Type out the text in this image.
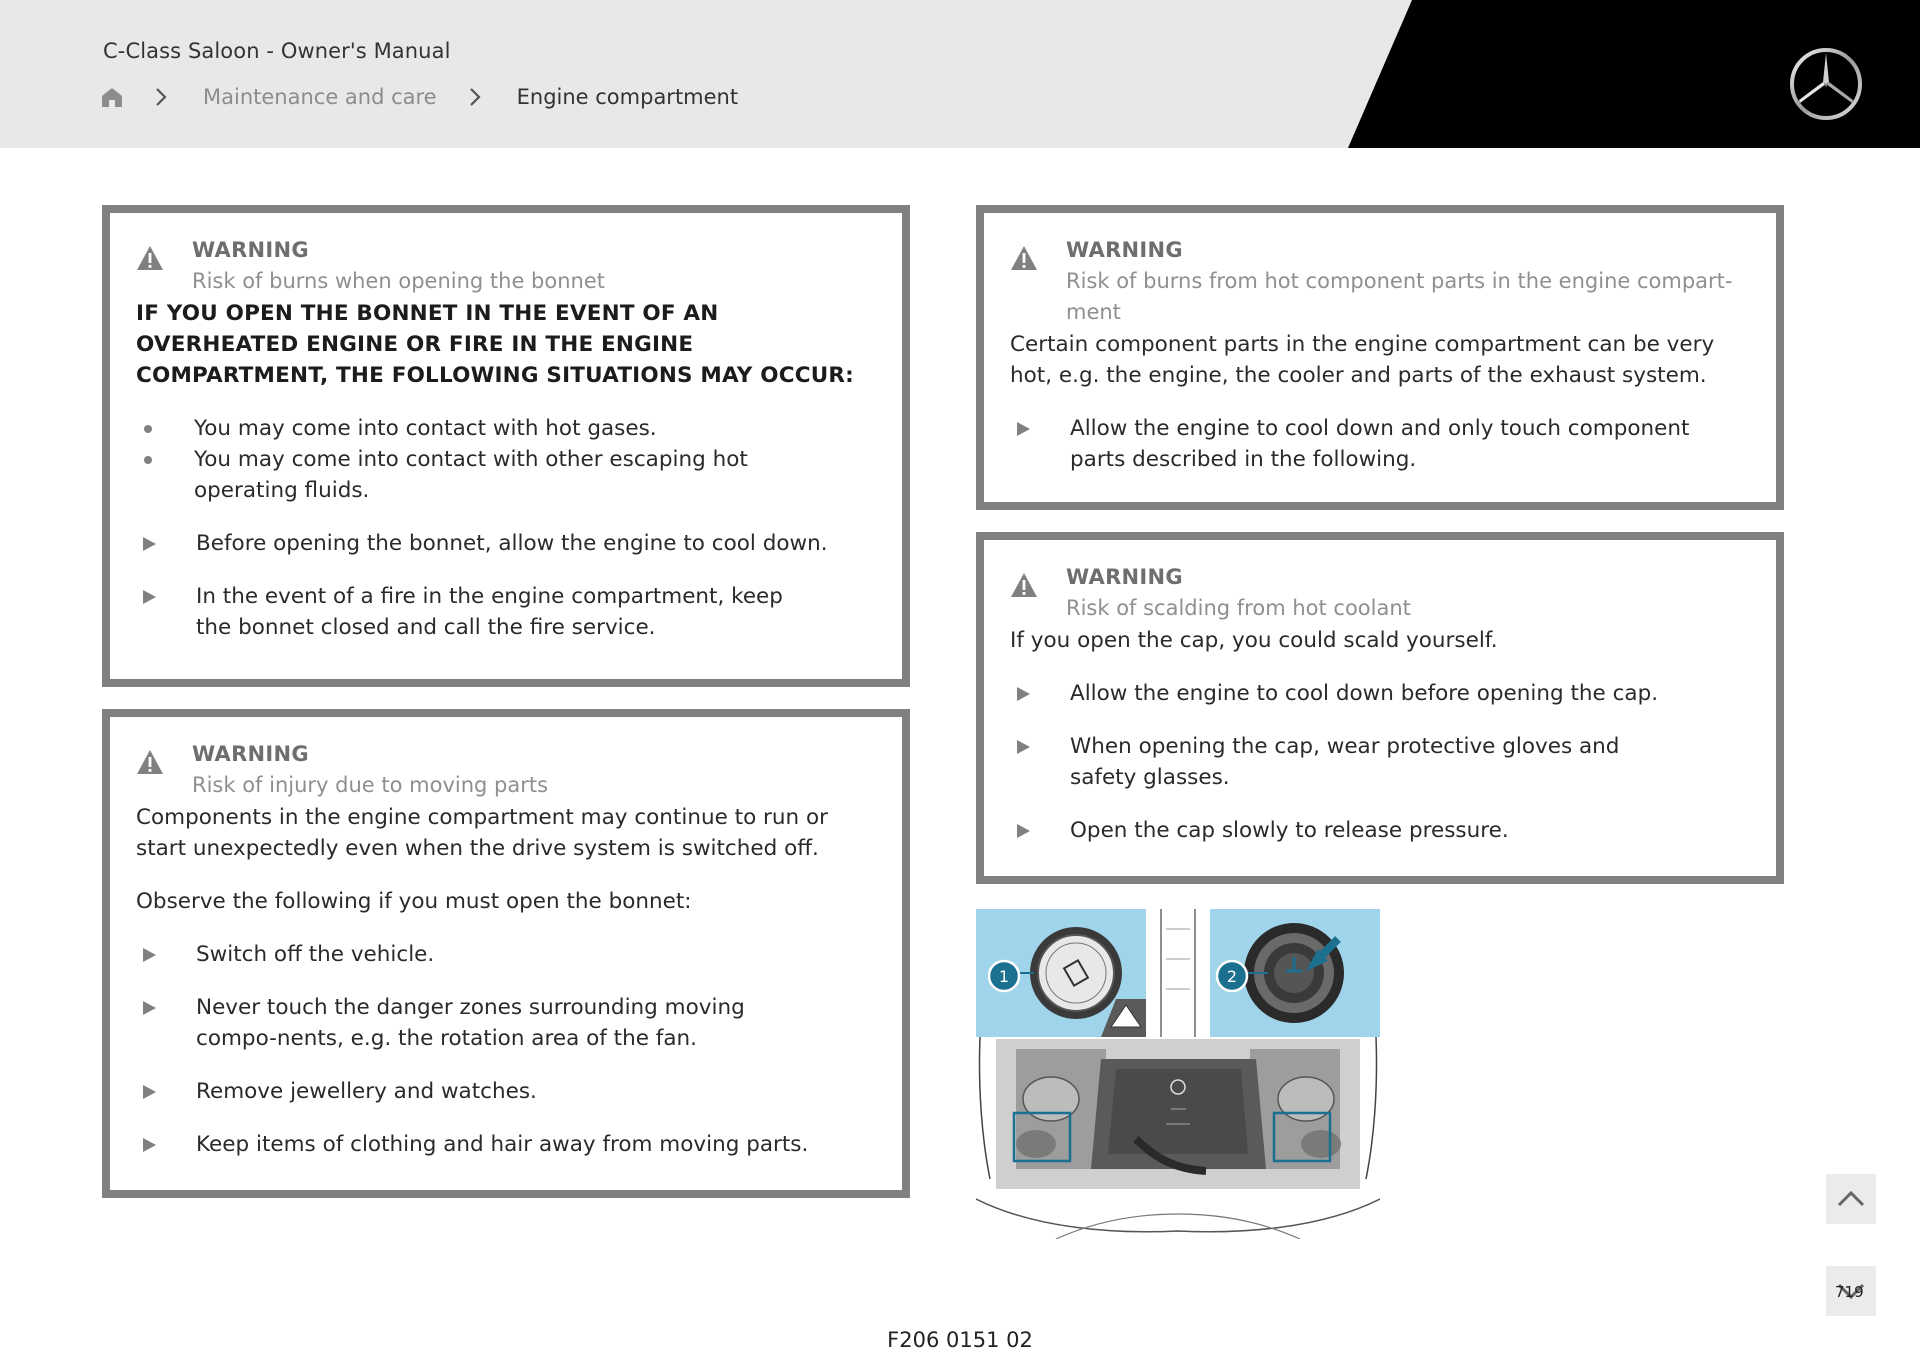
C-Class Saloon - Owner's Manual
Maintenance and care	Engine compartment
WARNING
Risk of burns when opening the bonnet
IF YOU OPEN THE BONNET IN THE EVENT OF AN OVERHEATED ENGINE OR FIRE IN THE ENGINE COMPARTMENT, THE FOLLOWING SITUATIONS MAY OCCUR:
You may come into contact with hot gases.
You may come into contact with other escaping hot operating fluids.
Before opening the bonnet, allow the engine to cool down.
In the event of a fire in the engine compartment, keep the bonnet closed and call the fire service.
WARNING
Risk of injury due to moving parts
Components in the engine compartment may continue to run or start unexpectedly even when the drive system is switched off.
Observe the following if you must open the bonnet:
Switch off the vehicle.
Never touch the danger zones surrounding moving compo-nents, e.g. the rotation area of the fan.
Remove jewellery and watches.
Keep items of clothing and hair away from moving parts.
WARNING
Risk of burns from hot component parts in the engine compart-ment
Certain component parts in the engine compartment can be very hot, e.g. the engine, the cooler and parts of the exhaust system.
Allow the engine to cool down and only touch component parts described in the following.
WARNING
Risk of scalding from hot coolant
If you open the cap, you could scald yourself.
Allow the engine to cool down before opening the cap.
When opening the cap, wear protective gloves and safety glasses.
Open the cap slowly to release pressure.
1	2
719
F206 0151 02
